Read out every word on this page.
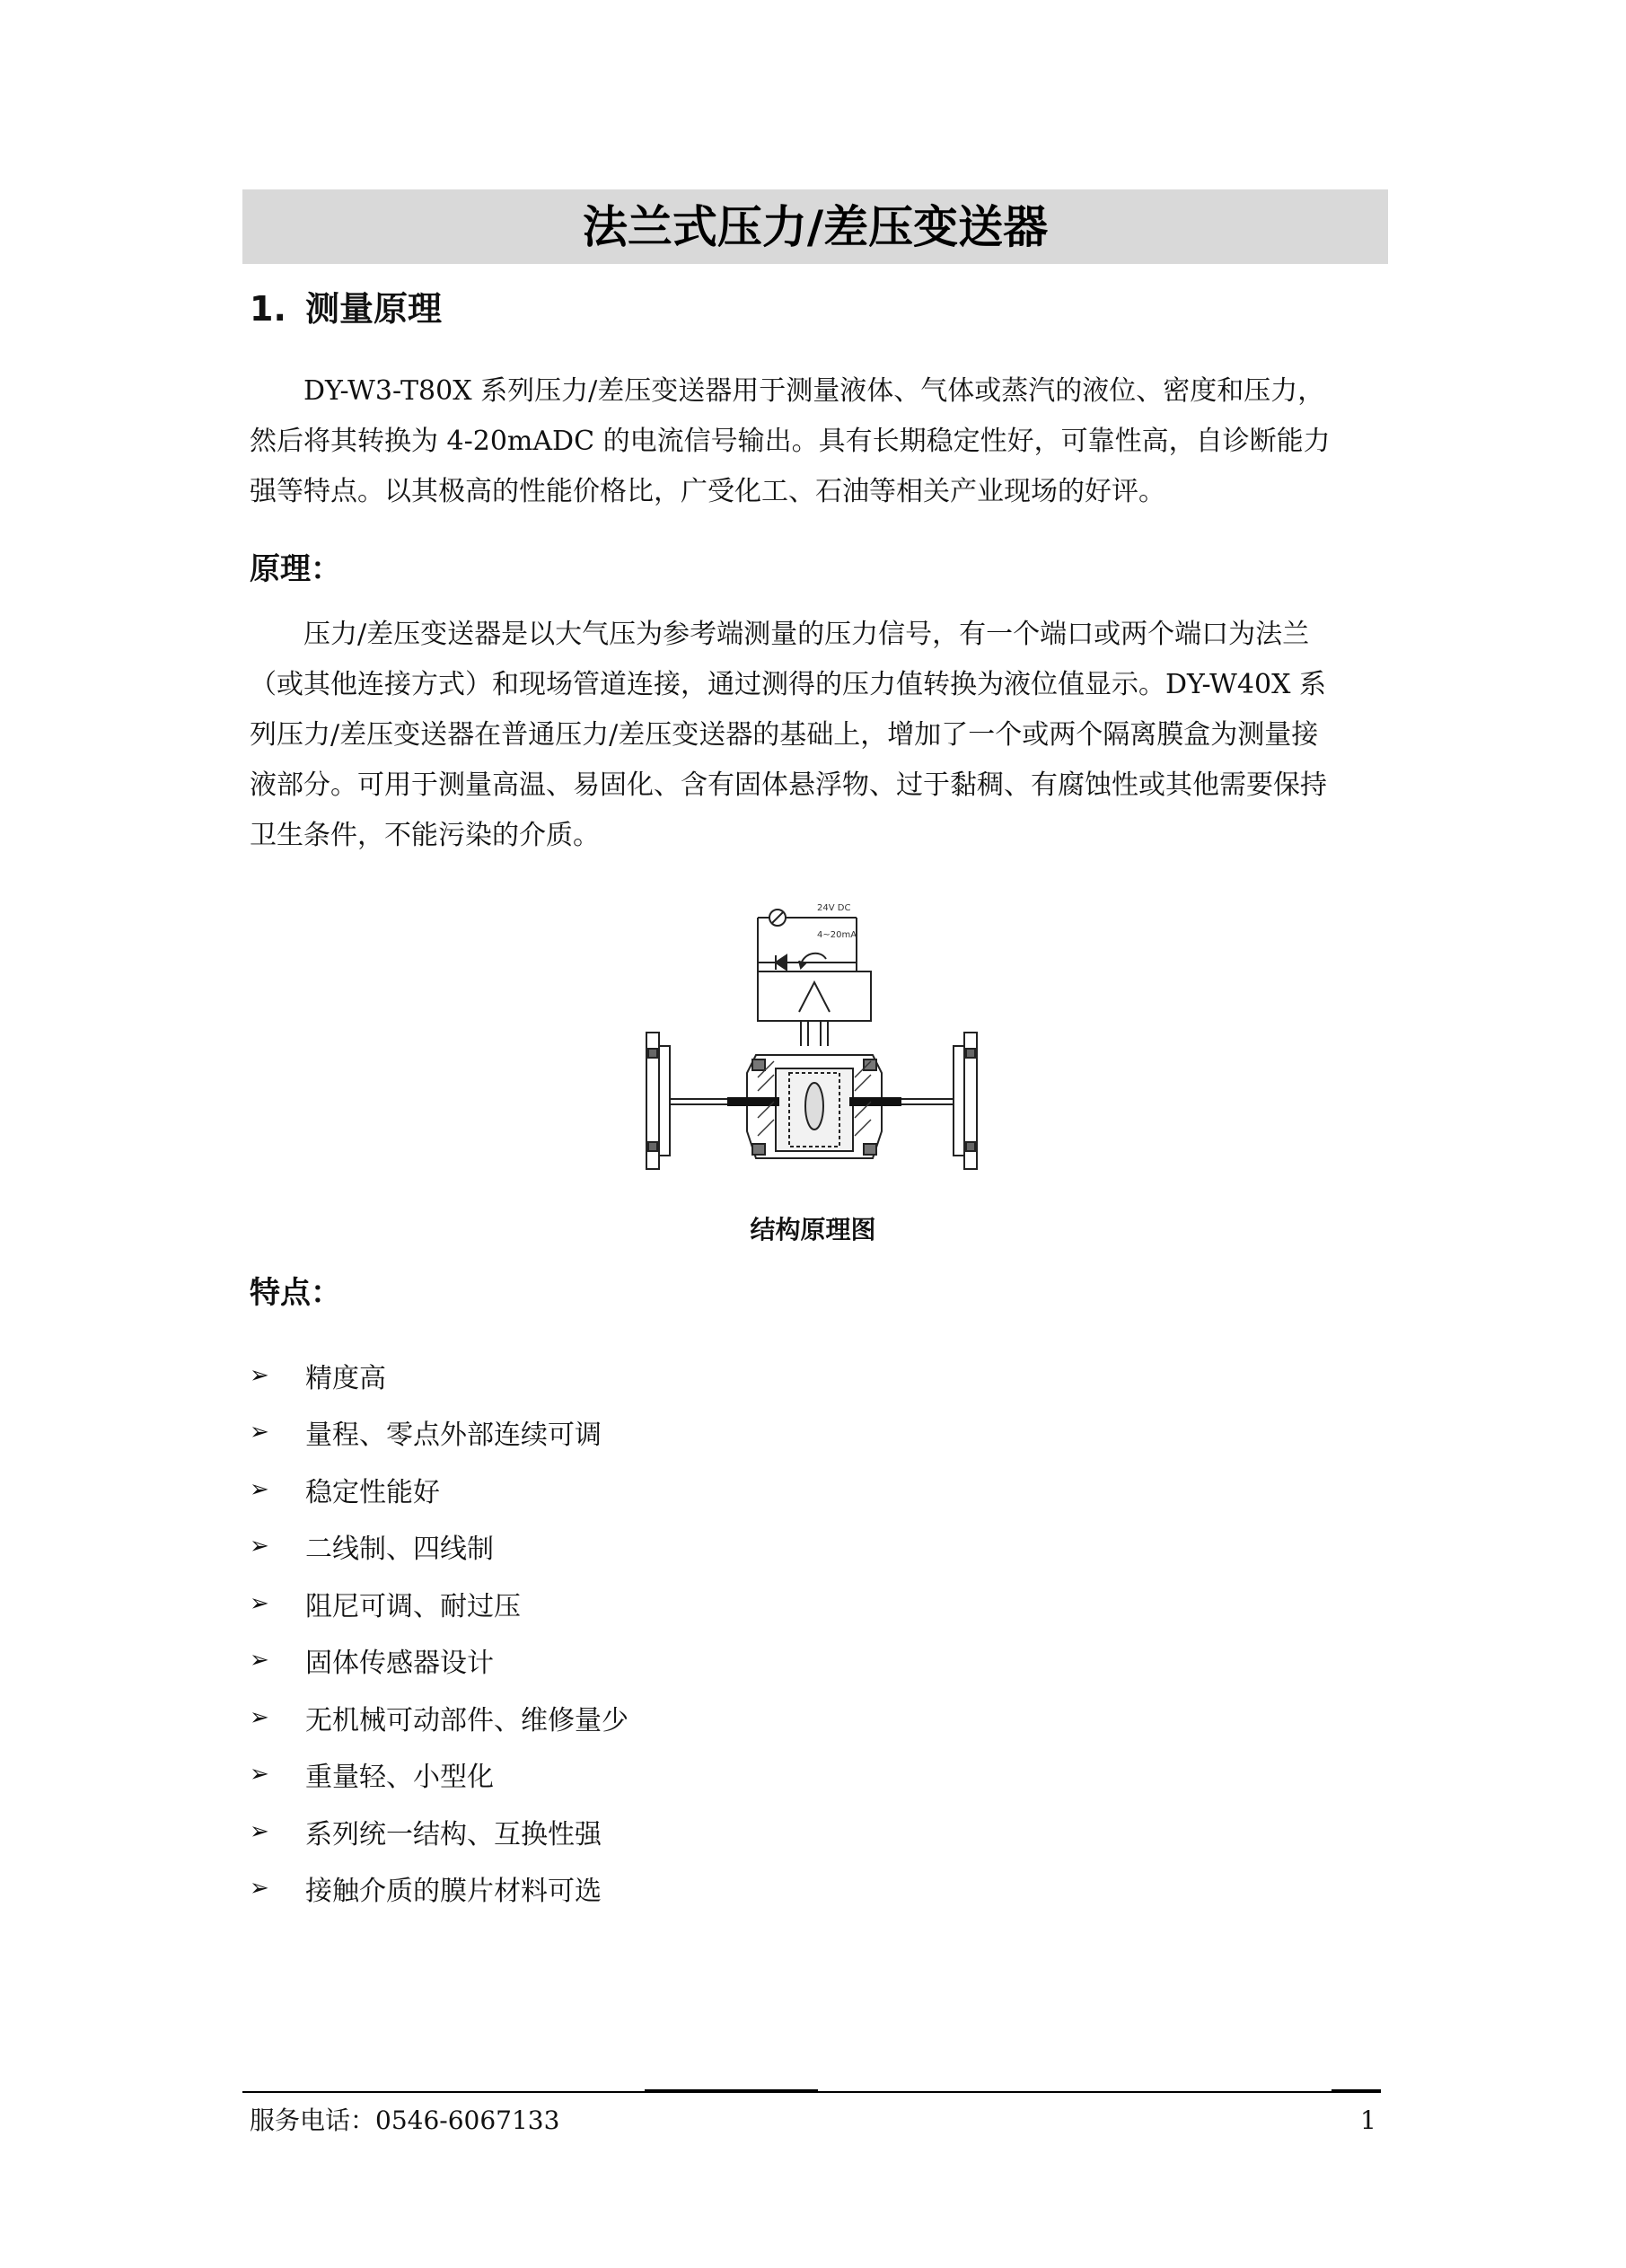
法兰式压力/差压变送器
1. 测量原理
DY-W3-T80X 系列压力/差压变送器用于测量液体、气体或蒸汽的液位、密度和压力，
然后将其转换为 4-20mADC 的电流信号输出。具有长期稳定性好，可靠性高，自诊断能力
强等特点。以其极高的性能价格比，广受化工、石油等相关产业现场的好评。
原理：
压力/差压变送器是以大气压为参考端测量的压力信号，有一个端口或两个端口为法兰
（或其他连接方式）和现场管道连接，通过测得的压力值转换为液位值显示。DY-W40X 系
列压力/差压变送器在普通压力/差压变送器的基础上，增加了一个或两个隔离膜盒为测量接
液部分。可用于测量高温、易固化、含有固体悬浮物、过于黏稠、有腐蚀性或其他需要保持
卫生条件，不能污染的介质。
24V DC
4~20mA
结构原理图
特点：
➢	精度高
➢	量程、零点外部连续可调
➢	稳定性能好
➢	二线制、四线制
➢	阻尼可调、耐过压
➢	固体传感器设计
➢	无机械可动部件、维修量少
➢	重量轻、小型化
➢	系列统一结构、互换性强
➢	接触介质的膜片材料可选
服务电话：0546-6067133	1
